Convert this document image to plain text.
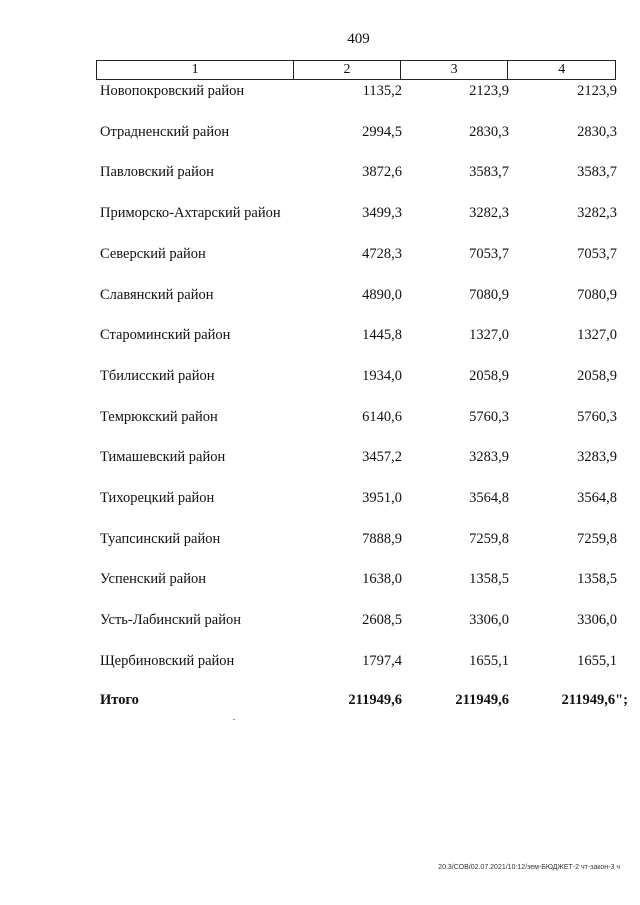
409
1	2	3	4
Новопокровский район	1135,2	2123,9	2123,9
Отрадненский район	2994,5	2830,3	2830,3
Павловский район	3872,6	3583,7	3583,7
Приморско-Ахтарский район	3499,3	3282,3	3282,3
Северский район	4728,3	7053,7	7053,7
Славянский район	4890,0	7080,9	7080,9
Староминский район	1445,8	1327,0	1327,0
Тбилисский район	1934,0	2058,9	2058,9
Темрюкский район	6140,6	5760,3	5760,3
Тимашевский район	3457,2	3283,9	3283,9
Тихорецкий район	3951,0	3564,8	3564,8
Туапсинский район	7888,9	7259,8	7259,8
Успенский район	1638,0	1358,5	1358,5
Усть-Лабинский район	2608,5	3306,0	3306,0
Щербиновский район	1797,4	1655,1	1655,1
Итого	211949,6	211949,6	211949,6";
20.3/СОВ/02.07.2021/10:12/зем-БЮДЖЕТ-2 чт-закон-3 ч
